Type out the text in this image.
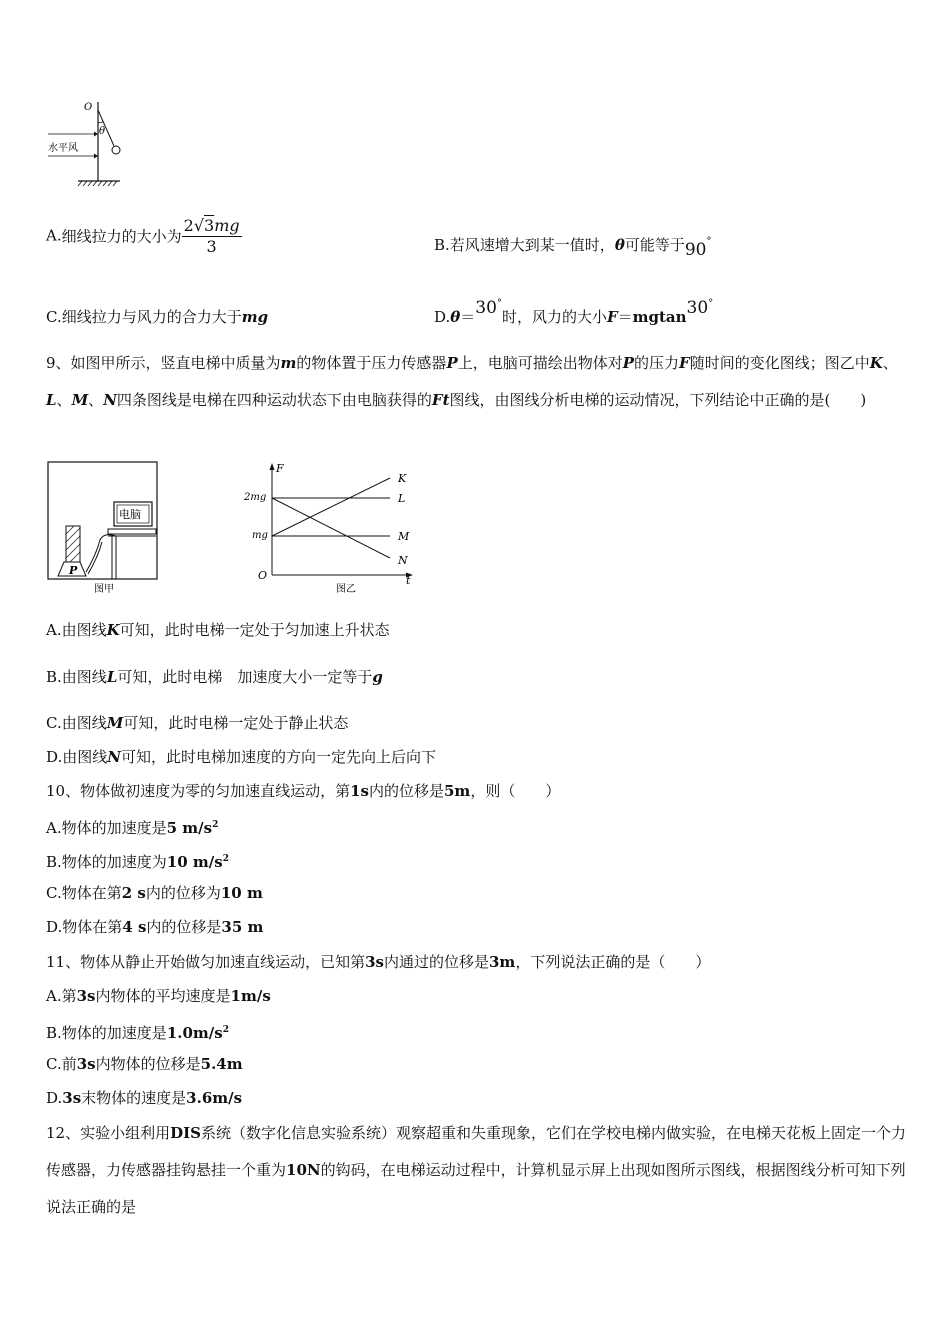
O
θ
水平风
A.细线拉力的大小为 $\frac{2√3mg}{3}$	B.若风速增大到某一值时，θ可能等于90°
C.细线拉力与风力的合力大于mg	D.θ＝30°时，风力的大小F＝mgtan30°
9、如图甲所示，竖直电梯中质量为m的物体置于压力传感器P上，电脑可描绘出物体对P的压力F随时间的变化图线；图乙中K、L、M、N四条图线是电梯在四种运动状态下由电脑获得的Ft图线，由图线分析电梯的运动情况，下列结论中正确的是(　　)
P
电脑
图甲
F
t
O
2mg
mg
K
L
M
N
图乙
A.由图线K可知，此时电梯一定处于匀加速上升状态
B.由图线L可知，此时电梯　加速度大小一定等于g
C.由图线M可知，此时电梯一定处于静止状态
D.由图线N可知，此时电梯加速度的方向一定先向上后向下
10、物体做初速度为零的匀加速直线运动，第1s内的位移是5m，则（　　）
A.物体的加速度是5 $m/s^2$
B.物体的加速度为10 $m/s^2$
C.物体在第2 s内的位移为10 m
D.物体在第4 s内的位移是35 m
11、物体从静止开始做匀加速直线运动，已知第3s内通过的位移是3m，下列说法正确的是（　　）
A.第3s内物体的平均速度是1m/s
B.物体的加速度是$1.0m/s^2$
C.前3s内物体的位移是5.4m
D.3s末物体的速度是3.6m/s
12、实验小组利用DIS系统（数字化信息实验系统）观察超重和失重现象，它们在学校电梯内做实验，在电梯天花板上固定一个力传感器，力传感器挂钩悬挂一个重为10N的钩码，在电梯运动过程中，计算机显示屏上出现如图所示图线，根据图线分析可知下列说法正确的是
